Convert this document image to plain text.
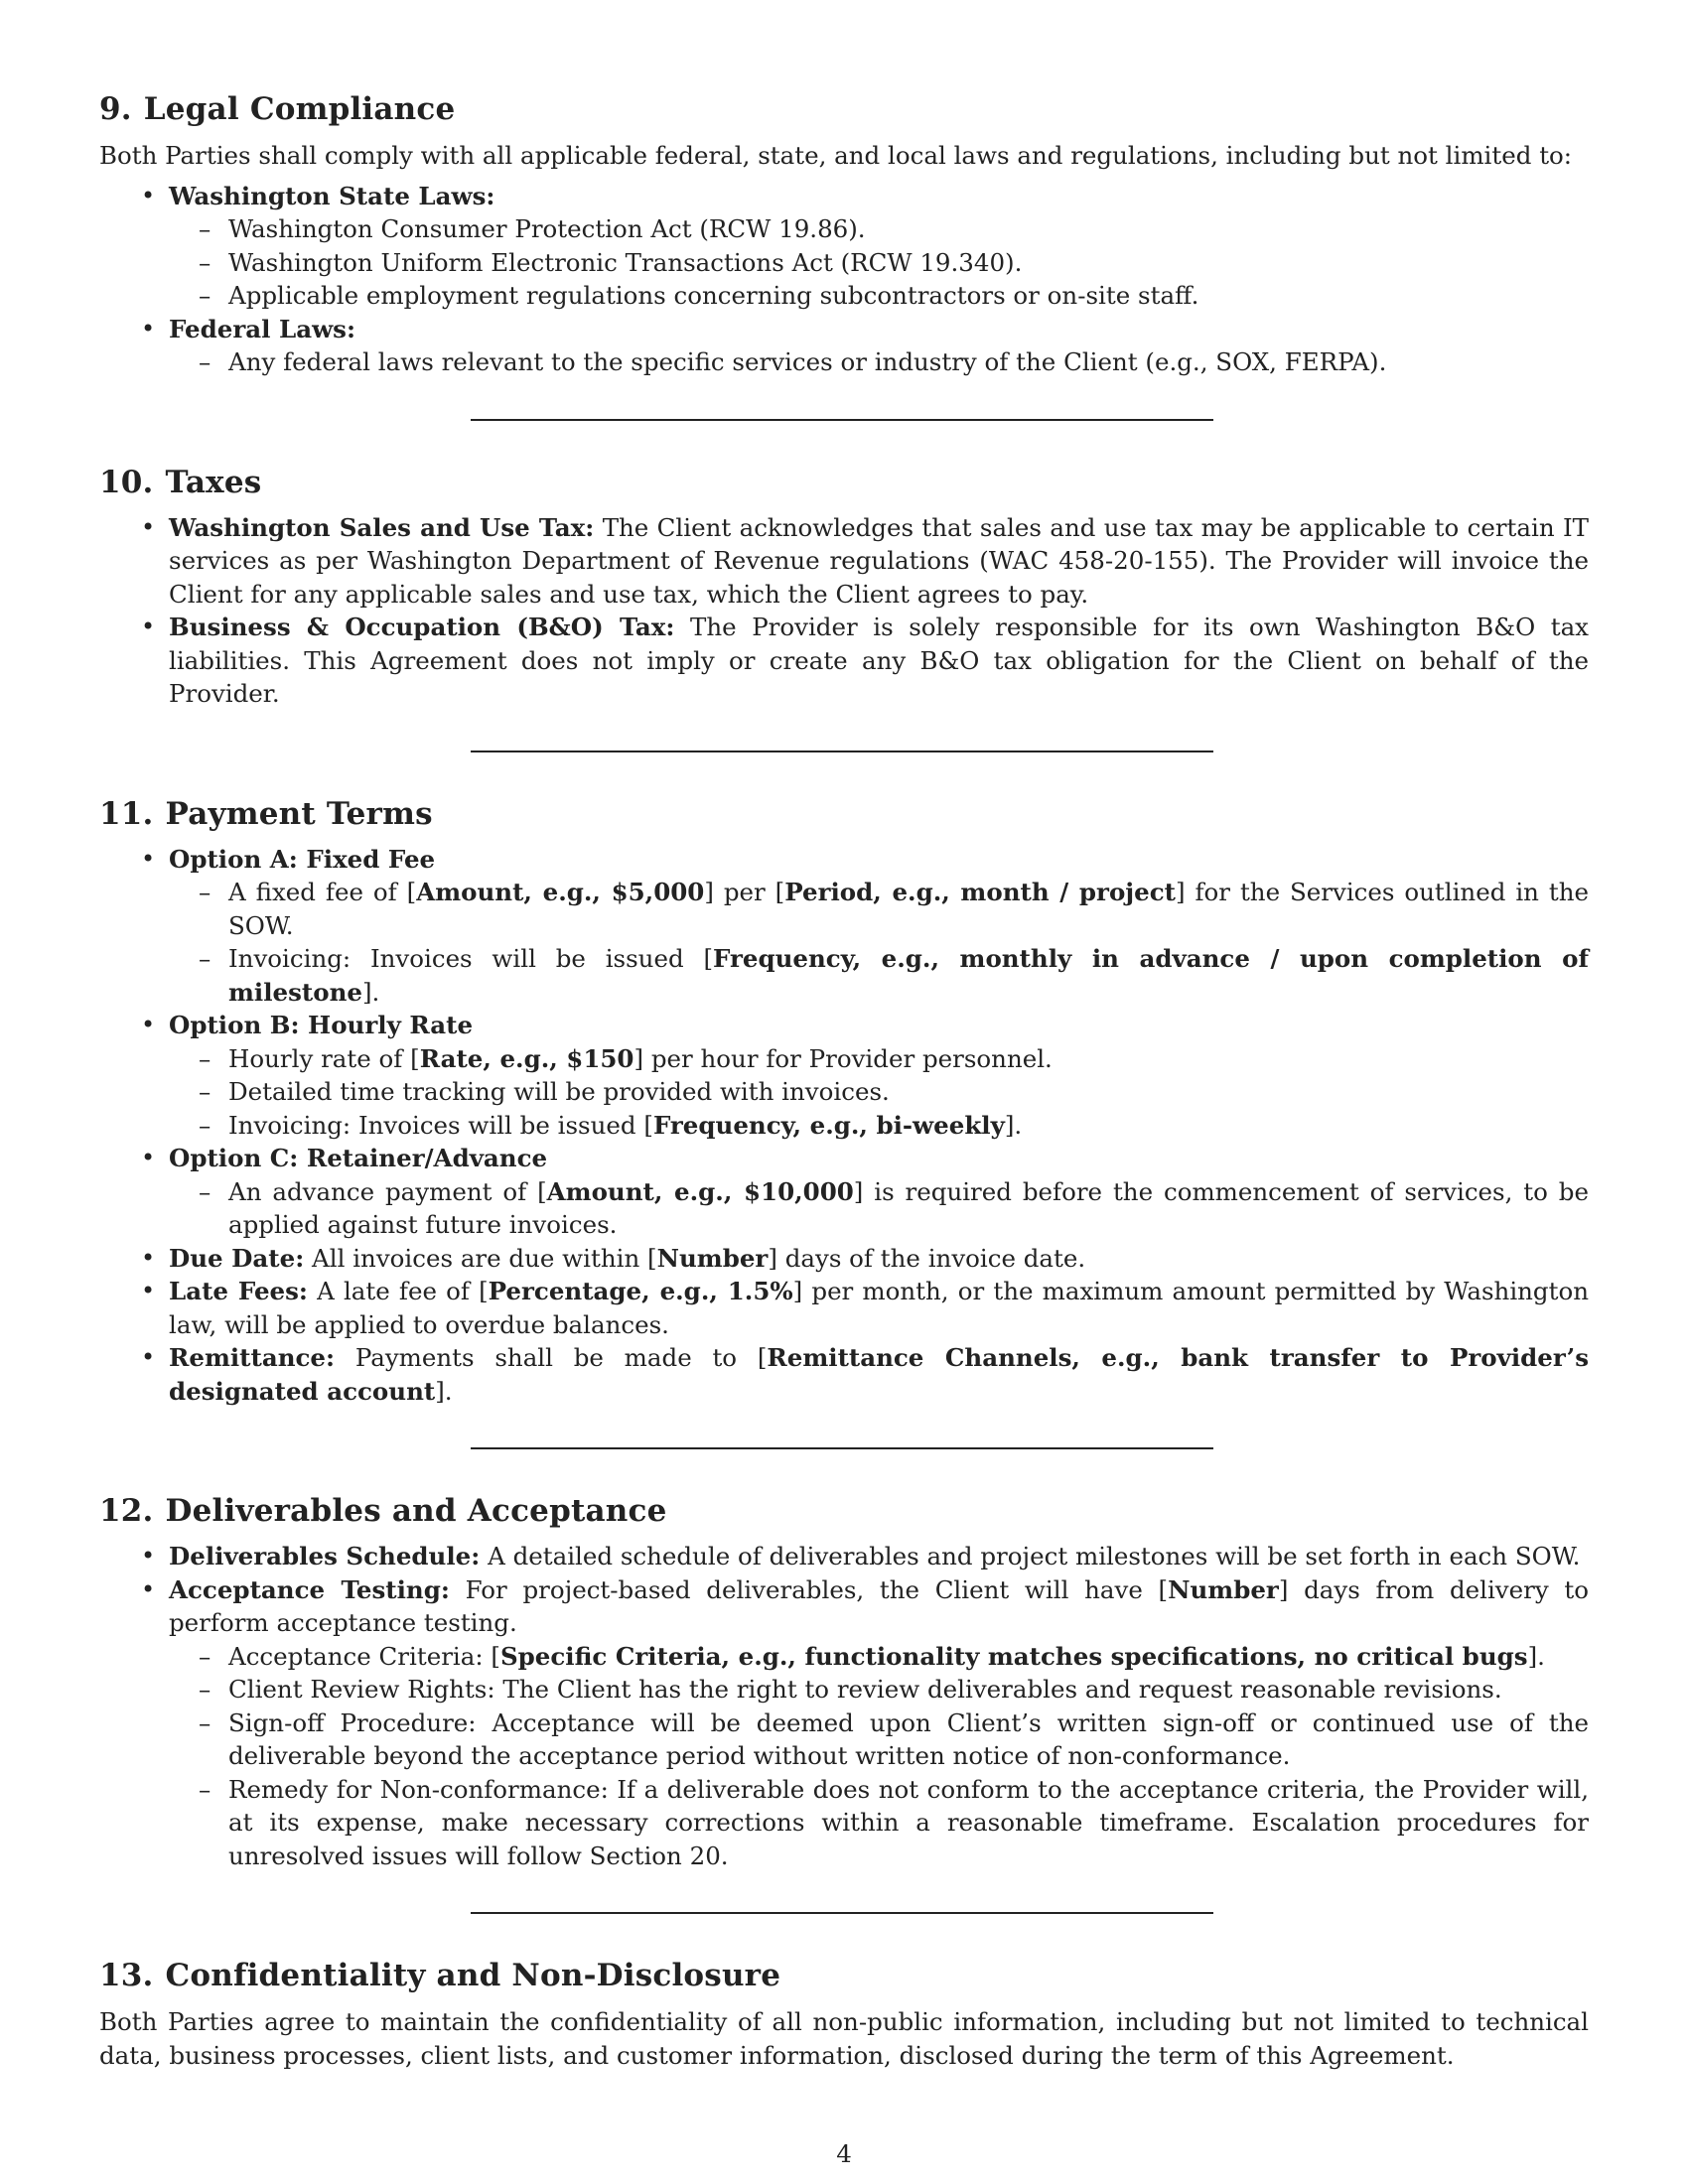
9. Legal Compliance

Both Parties shall comply with all applicable federal, state, and local laws and regulations, including but not limited to:

• Washington State Laws:
– Washington Consumer Protection Act (RCW 19.86).
– Washington Uniform Electronic Transactions Act (RCW 19.340).
– Applicable employment regulations concerning subcontractors or on-site staff.
• Federal Laws:
– Any federal laws relevant to the specific services or industry of the Client (e.g., SOX, FERPA).
10. Taxes
• Washington Sales and Use Tax: The Client acknowledges that sales and use tax may be applicable to certain IT services as per Washington Department of Revenue regulations (WAC 458-20-155). The Provider will invoice the Client for any applicable sales and use tax, which the Client agrees to pay.
• Business & Occupation (B&O) Tax: The Provider is solely responsible for its own Washington B&O tax liabilities. This Agreement does not imply or create any B&O tax obligation for the Client on behalf of the Provider.
11. Payment Terms
• Option A: Fixed Fee
– A fixed fee of [Amount, e.g., $5,000] per [Period, e.g., month / project] for the Services outlined in the SOW.
– Invoicing: Invoices will be issued [Frequency, e.g., monthly in advance / upon completion of milestone].
• Option B: Hourly Rate
– Hourly rate of [Rate, e.g., $150] per hour for Provider personnel.
– Detailed time tracking will be provided with invoices.
– Invoicing: Invoices will be issued [Frequency, e.g., bi-weekly].
• Option C: Retainer/Advance
– An advance payment of [Amount, e.g., $10,000] is required before the commencement of services, to be applied against future invoices.
• Due Date: All invoices are due within [Number] days of the invoice date.
• Late Fees: A late fee of [Percentage, e.g., 1.5%] per month, or the maximum amount permitted by Washington law, will be applied to overdue balances.
• Remittance: Payments shall be made to [Remittance Channels, e.g., bank transfer to Provider’s designated account].
12. Deliverables and Acceptance
• Deliverables Schedule: A detailed schedule of deliverables and project milestones will be set forth in each SOW.
• Acceptance Testing: For project-based deliverables, the Client will have [Number] days from delivery to perform acceptance testing.
– Acceptance Criteria: [Specific Criteria, e.g., functionality matches specifications, no critical bugs].
– Client Review Rights: The Client has the right to review deliverables and request reasonable revisions.
– Sign-off Procedure: Acceptance will be deemed upon Client’s written sign-off or continued use of the deliverable beyond the acceptance period without written notice of non-conformance.
– Remedy for Non-conformance: If a deliverable does not conform to the acceptance criteria, the Provider will, at its expense, make necessary corrections within a reasonable timeframe. Escalation procedures for unresolved issues will follow Section 20.
13. Confidentiality and Non-Disclosure

Both Parties agree to maintain the confidentiality of all non-public information, including but not limited to technical data, business processes, client lists, and customer information, disclosed during the term of this Agreement.

4
